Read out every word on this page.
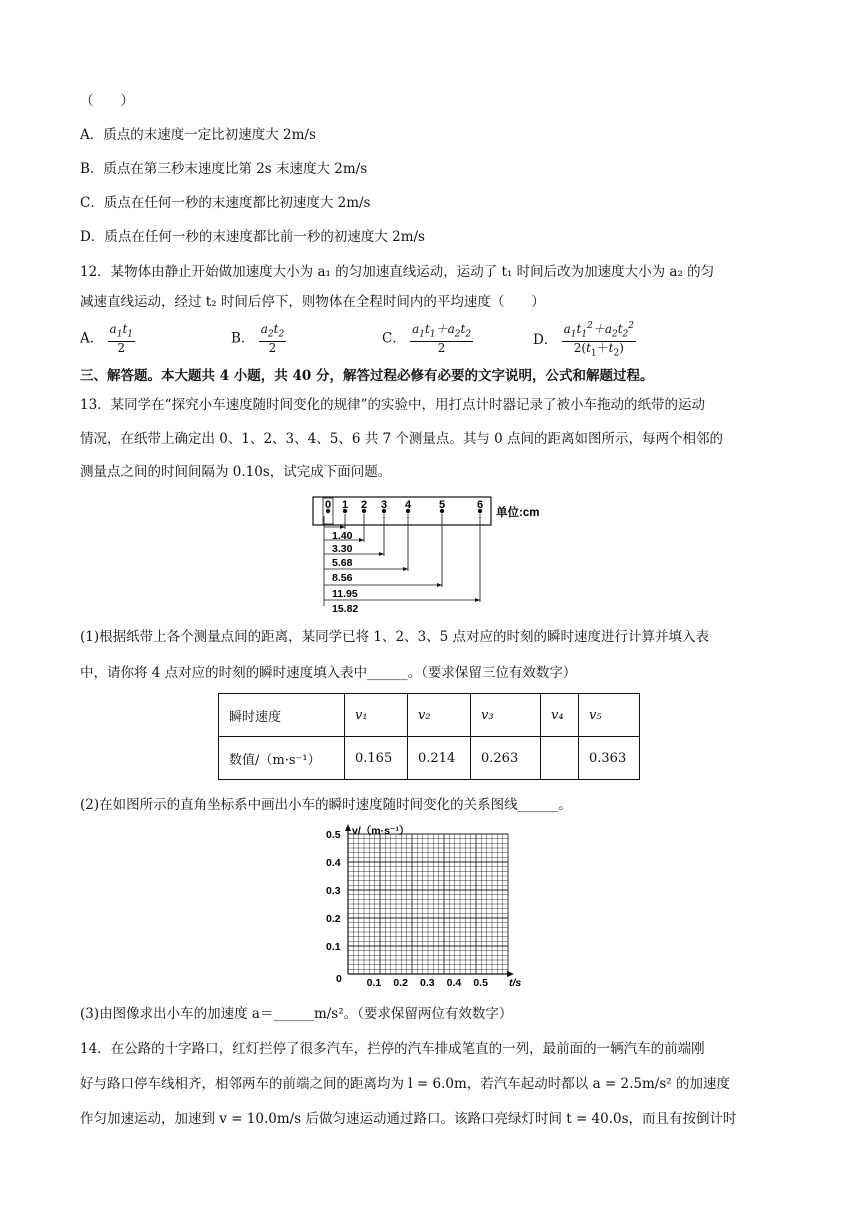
（　　）
A．质点的末速度一定比初速度大 2m/s
B．质点在第三秒末速度比第 2s 末速度大 2m/s
C．质点在任何一秒的末速度都比初速度大 2m/s
D．质点在任何一秒的末速度都比前一秒的初速度大 2m/s
12．某物体由静止开始做加速度大小为 a₁ 的匀加速直线运动，运动了 t₁ 时间后改为加速度大小为 a₂ 的匀
减速直线运动，经过 t₂ 时间后停下，则物体在全程时间内的平均速度（　　）
A． $\frac{a_1t_1}{2}$	B． $\frac{a_2t_2}{2}$	C． $\frac{a_1t_1+a_2t_2}{2}$	D． $\frac{a_1t_1^2+a_2t_2^2}{2(t_1+t_2)}$
三、解答题。本大题共 4 小题，共 40 分，解答过程必修有必要的文字说明，公式和解题过程。
13．某同学在“探究小车速度随时间变化的规律”的实验中，用打点计时器记录了被小车拖动的纸带的运动
情况，在纸带上确定出 0、1、2、3、4、5、6 共 7 个测量点。其与 0 点间的距离如图所示，每两个相邻的
测量点之间的时间间隔为 0.10s，试完成下面问题。
0 1 2 3 4	5	6
1.40
3.30
5.68
8.56
11.95
15.82
单位:cm
(1)根据纸带上各个测量点间的距离，某同学已将 1、2、3、5 点对应的时刻的瞬时速度进行计算并填入表
中，请你将 4 点对应的时刻的瞬时速度填入表中______。（要求保留三位有效数字）
瞬时速度	v₁	v₂	v₃	v₄	v₅
数值/（m·s⁻¹）	0.165	0.214	0.263		0.363
(2)在如图所示的直角坐标系中画出小车的瞬时速度随时间变化的关系图线______。
0.1
0.2
0.3
0.4
0.5
0.1 0.2 0.3 0.4 0.5
v/（m·s⁻¹）
t/s
0
(3)由图像求出小车的加速度 a＝______m/s²。（要求保留两位有效数字）
14．在公路的十字路口，红灯拦停了很多汽车，拦停的汽车排成笔直的一列，最前面的一辆汽车的前端刚
好与路口停车线相齐，相邻两车的前端之间的距离均为 l = 6.0m，若汽车起动时都以 a = 2.5m/s² 的加速度
作匀加速运动，加速到 v = 10.0m/s 后做匀速运动通过路口。该路口亮绿灯时间 t = 40.0s，而且有按倒计时
